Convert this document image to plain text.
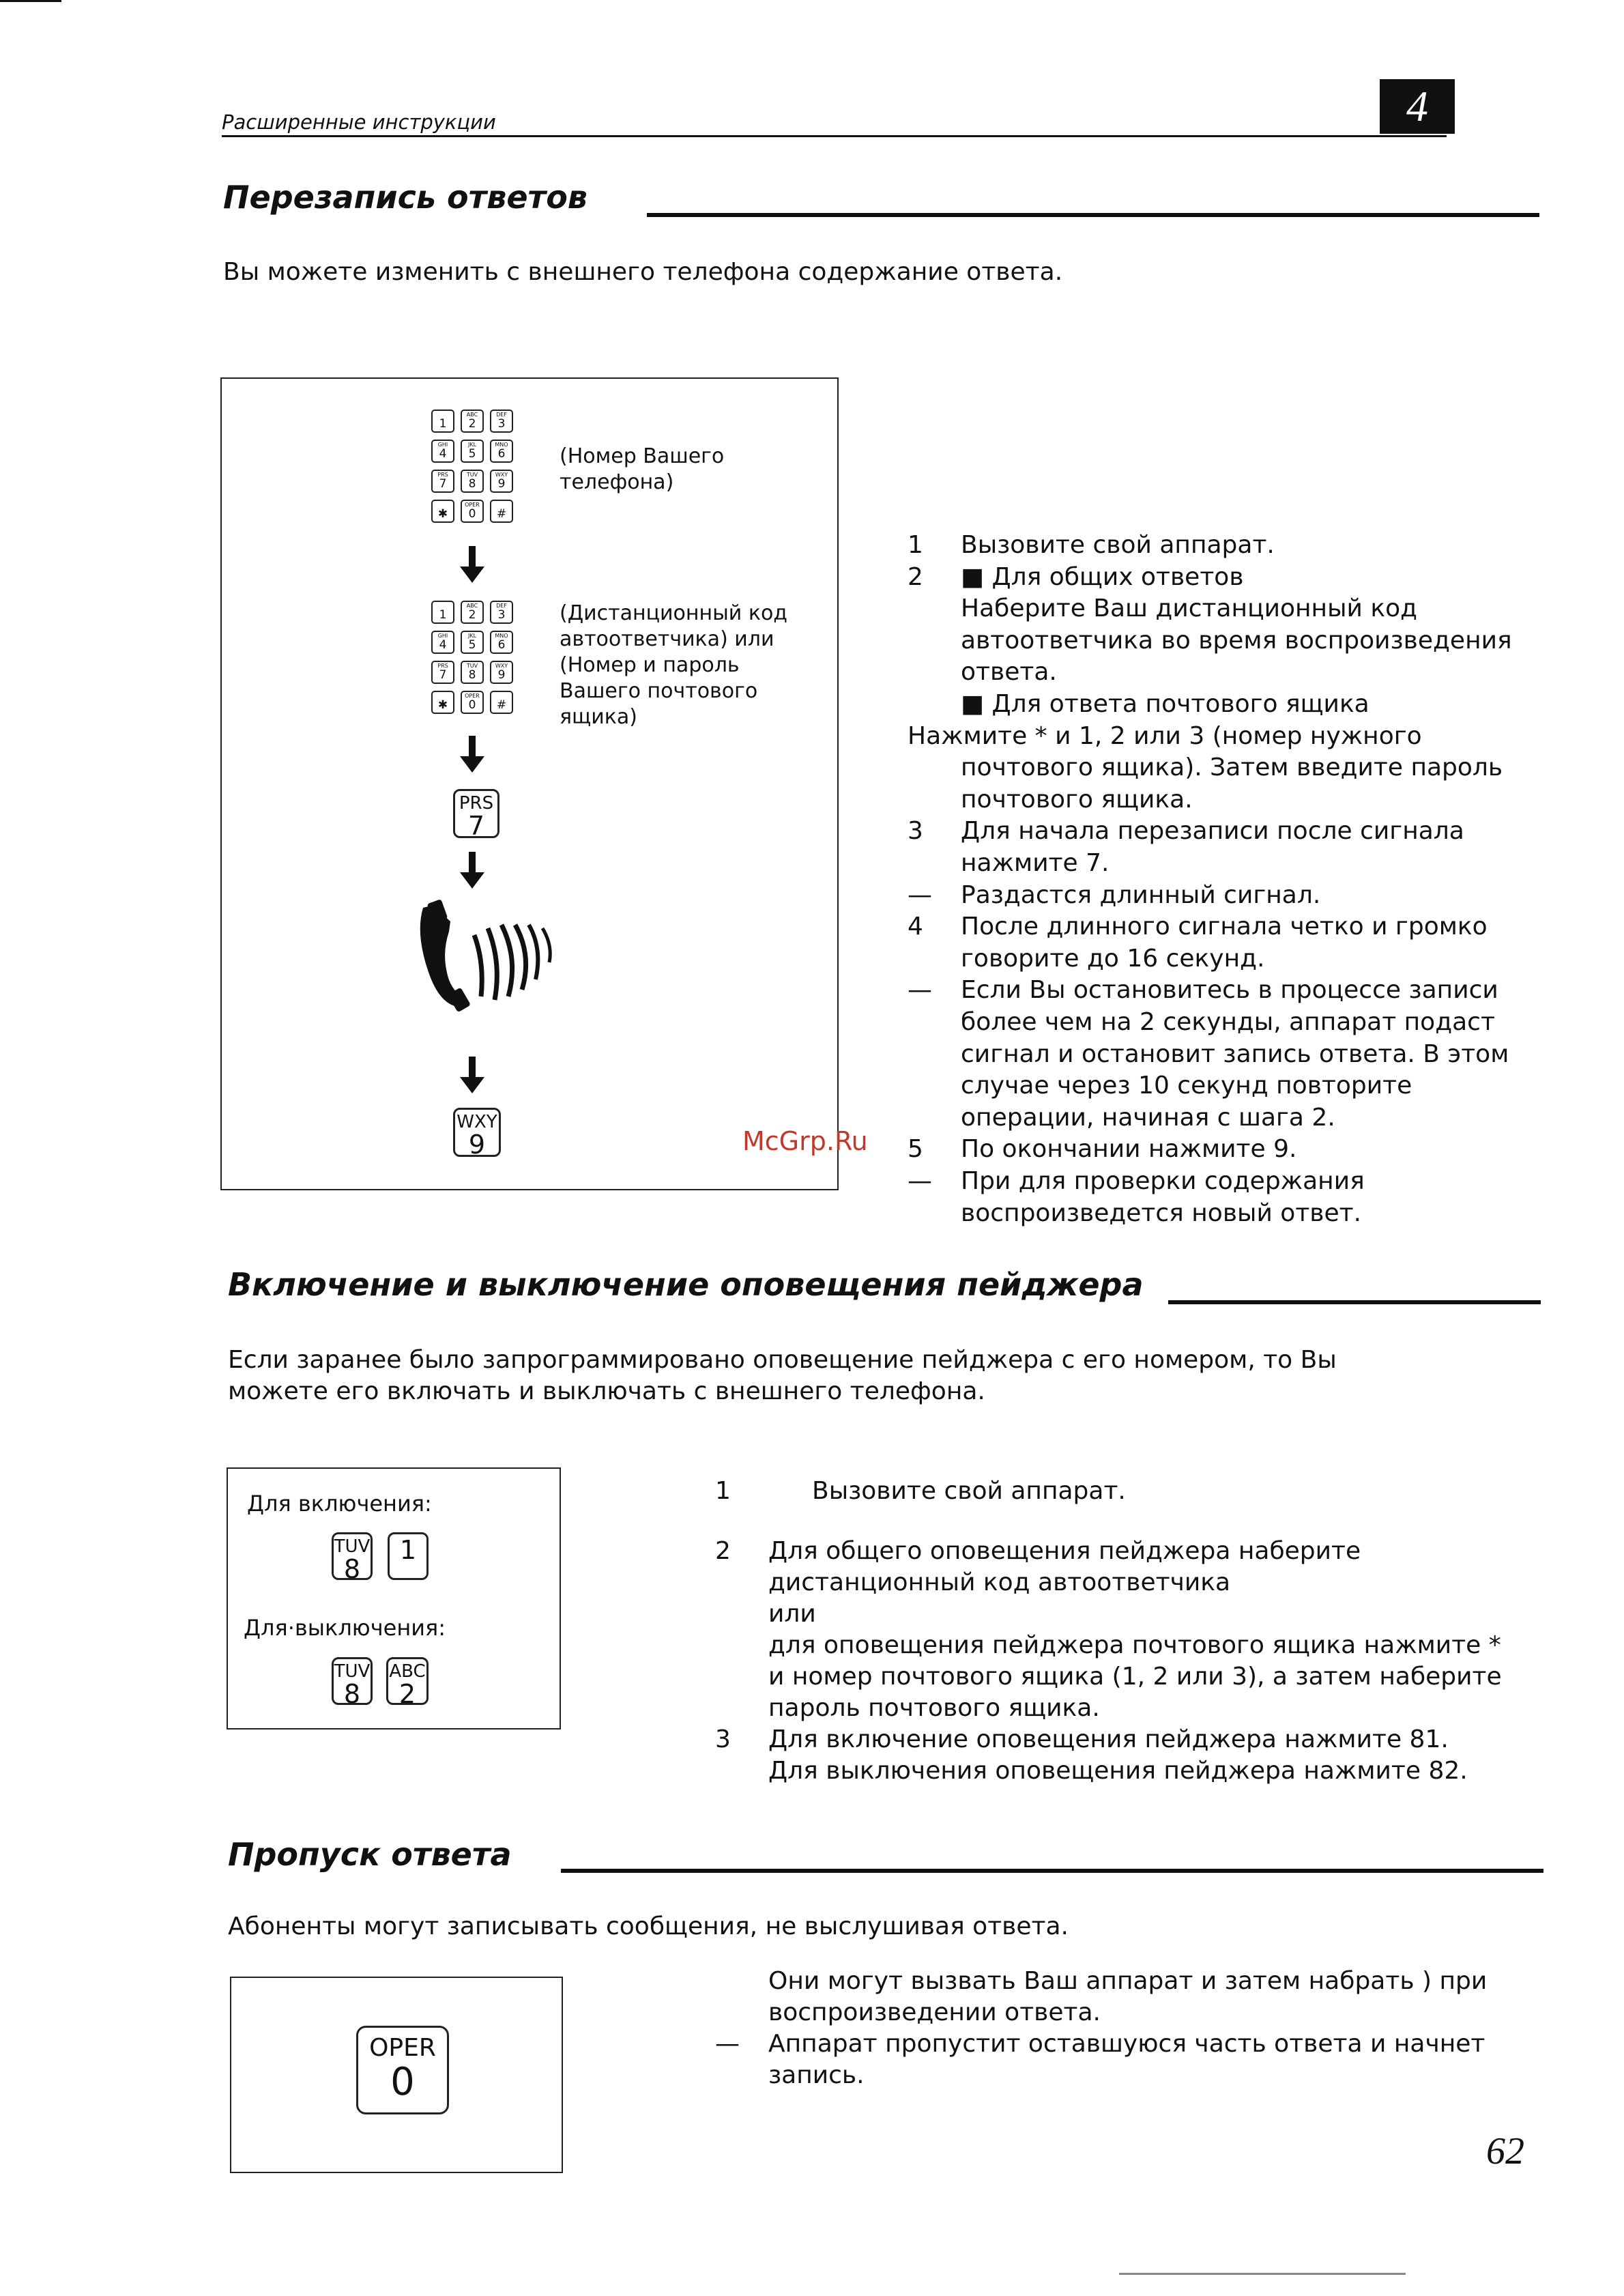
Расширенные инструкции	4
Перезапись ответов
Вы можете изменить с внешнего телефона содержание ответа.
1
ABC
2
DEF
3
GHI
4
JKL
5
MNO
6
PRS
7
TUV
8
WXY
9
✱
OPER
0	#
(Номер Вашего
телефона)
1
ABC
2
DEF
3
GHI
4
JKL
5
MNO
6
PRS
7
TUV
8
WXY
9
✱
OPER
0	#
(Дистанционный код
автоответчика) или
(Номер и пароль
Вашего почтового
ящика)
PRS
7
WXY
9	McGrp.Ru
1 Вызовите свой аппарат.
2 ■ Для общих ответов
Наберите Ваш дистанционный код
автоответчика во время воспроизведения
ответа.
■ Для ответа почтового ящика
Нажмите * и 1, 2 или 3 (номер нужного
почтового ящика). Затем введите пароль
почтового ящика.
3 Для начала перезаписи после сигнала
нажмите 7.
— Раздастся длинный сигнал.
4 После длинного сигнала четко и громко
говорите до 16 секунд.
— Если Вы остановитесь в процессе записи
более чем на 2 секунды, аппарат подаст
сигнал и остановит запись ответа. В этом
случае через 10 секунд повторите
операции, начиная с шага 2.
5 По окончании нажмите 9.
— При для проверки содержания
воспроизведется новый ответ.
Включение и выключение оповещения пейджера
Если заранее было запрограммировано оповещение пейджера с его номером, то Вы
можете его включать и выключать с внешнего телефона.
Для включения:
TUV
8
1
Для·выключения:
TUV
8
ABC
2
1	Вызовите свой аппарат.
2 Для общего оповещения пейджера наберите
дистанционный код автоответчика
или
для оповещения пейджера почтового ящика нажмите *
и номер почтового ящика (1, 2 или 3), а затем наберите
пароль почтового ящика.
3 Для включение оповещения пейджера нажмите 81.
Для выключения оповещения пейджера нажмите 82.
Пропуск ответа
Абоненты могут записывать сообщения, не выслушивая ответа.
OPER
0
Они могут вызвать Ваш аппарат и затем набрать ) при
воспроизведении ответа.
— Аппарат пропустит оставшуюся часть ответа и начнет
запись.
62
